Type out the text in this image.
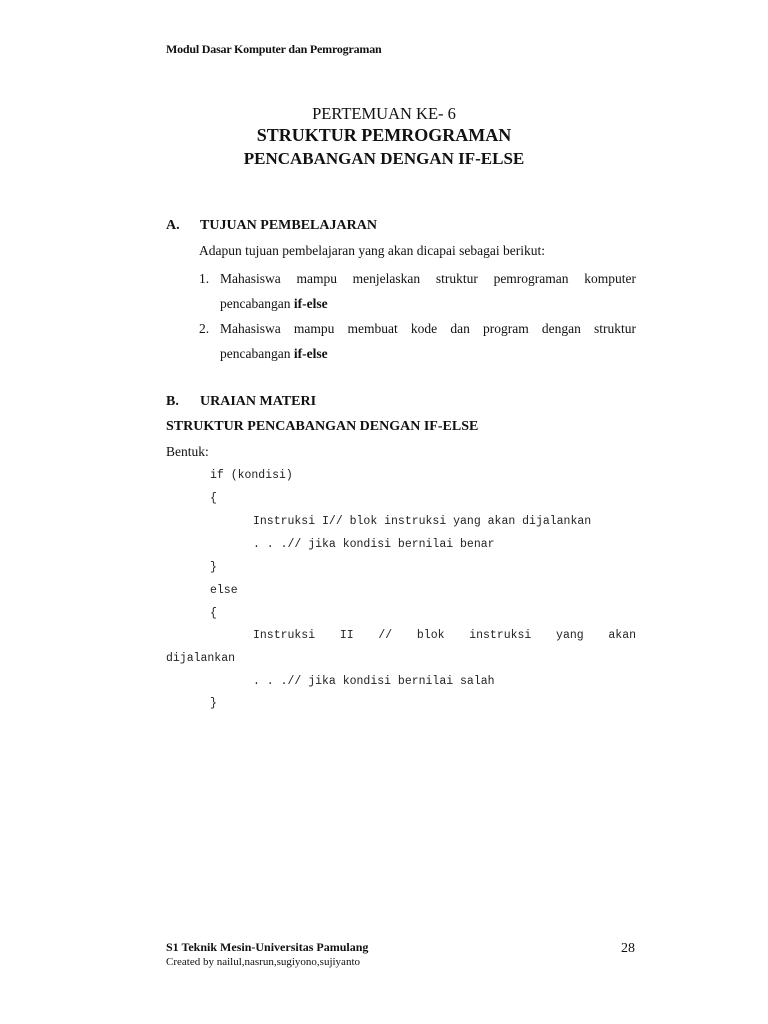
Modul Dasar Komputer dan Pemrograman
PERTEMUAN KE- 6
STRUKTUR PEMROGRAMAN
PENCABANGAN DENGAN IF-ELSE
A. TUJUAN PEMBELAJARAN
Adapun tujuan pembelajaran yang akan dicapai sebagai berikut:
1. Mahasiswa mampu menjelaskan struktur pemrograman komputer
pencabangan if-else
2. Mahasiswa mampu membuat kode dan program dengan struktur
pencabangan if-else
B. URAIAN MATERI
STRUKTUR PENCABANGAN DENGAN IF-ELSE
Bentuk:
if (kondisi)
{
Instruksi I// blok instruksi yang akan dijalankan
. . .// jika kondisi bernilai benar
}
else
{
Instruksi II // blok instruksi yang akan
dijalankan
. . .// jika kondisi bernilai salah
}
S1 Teknik Mesin-Universitas Pamulang
Created by nailul,nasrun,sugiyono,sujiyanto
28
